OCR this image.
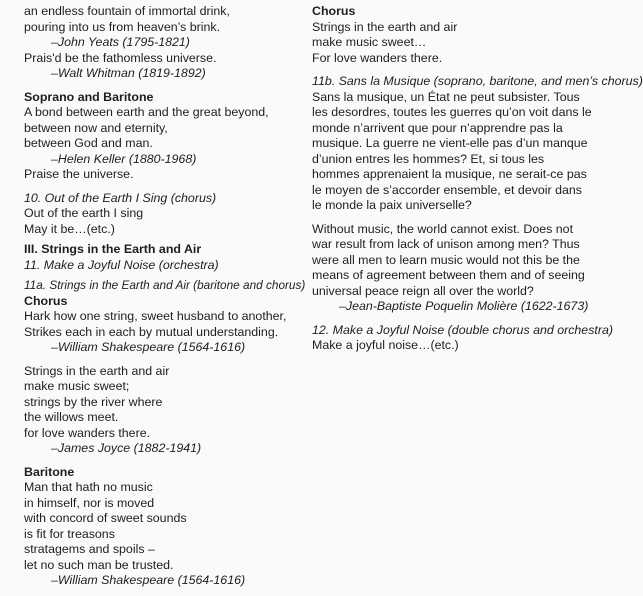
an endless fountain of immortal drink,
pouring into us from heaven’s brink.
–John Yeats (1795-1821)
Prais'd be the fathomless universe.
–Walt Whitman (1819-1892)
Soprano and Baritone
A bond between earth and the great beyond,
between now and eternity,
between God and man.
–Helen Keller (1880-1968)
Praise the universe.
10. Out of the Earth I Sing (chorus)
Out of the earth I sing
May it be…(etc.)
III. Strings in the Earth and Air
11. Make a Joyful Noise (orchestra)
11a. Strings in the Earth and Air (baritone and chorus)
Chorus
Hark how one string, sweet husband to another,
Strikes each in each by mutual understanding.
–William Shakespeare (1564-1616)
Strings in the earth and air
make music sweet;
strings by the river where
the willows meet.
for love wanders there.
–James Joyce (1882-1941)
Baritone
Man that hath no music
in himself, nor is moved
with concord of sweet sounds
is fit for treasons
stratagems and spoils –
let no such man be trusted.
–William Shakespeare (1564-1616)
Chorus
Strings in the earth and air
make music sweet…
For love wanders there.
11b. Sans la Musique (soprano, baritone, and men’s chorus)
Sans la musique, un État ne peut subsister. Tous les desordres, toutes les guerres qu’on voit dans le monde n’arrivent que pour n’apprendre pas la musique. La guerre ne vient-elle pas d’un manque d’union entres les hommes? Et, si tous les hommes apprenaient la musique, ne serait-ce pas le moyen de s’accorder ensemble, et devoir dans le monde la paix universelle?
Without music, the world cannot exist. Does not war result from lack of unison among men? Thus were all men to learn music would not this be the means of agreement between them and of seeing universal peace reign all over the world?
–Jean-Baptiste Poquelin Molière (1622-1673)
12. Make a Joyful Noise (double chorus and orchestra)
Make a joyful noise…(etc.)
